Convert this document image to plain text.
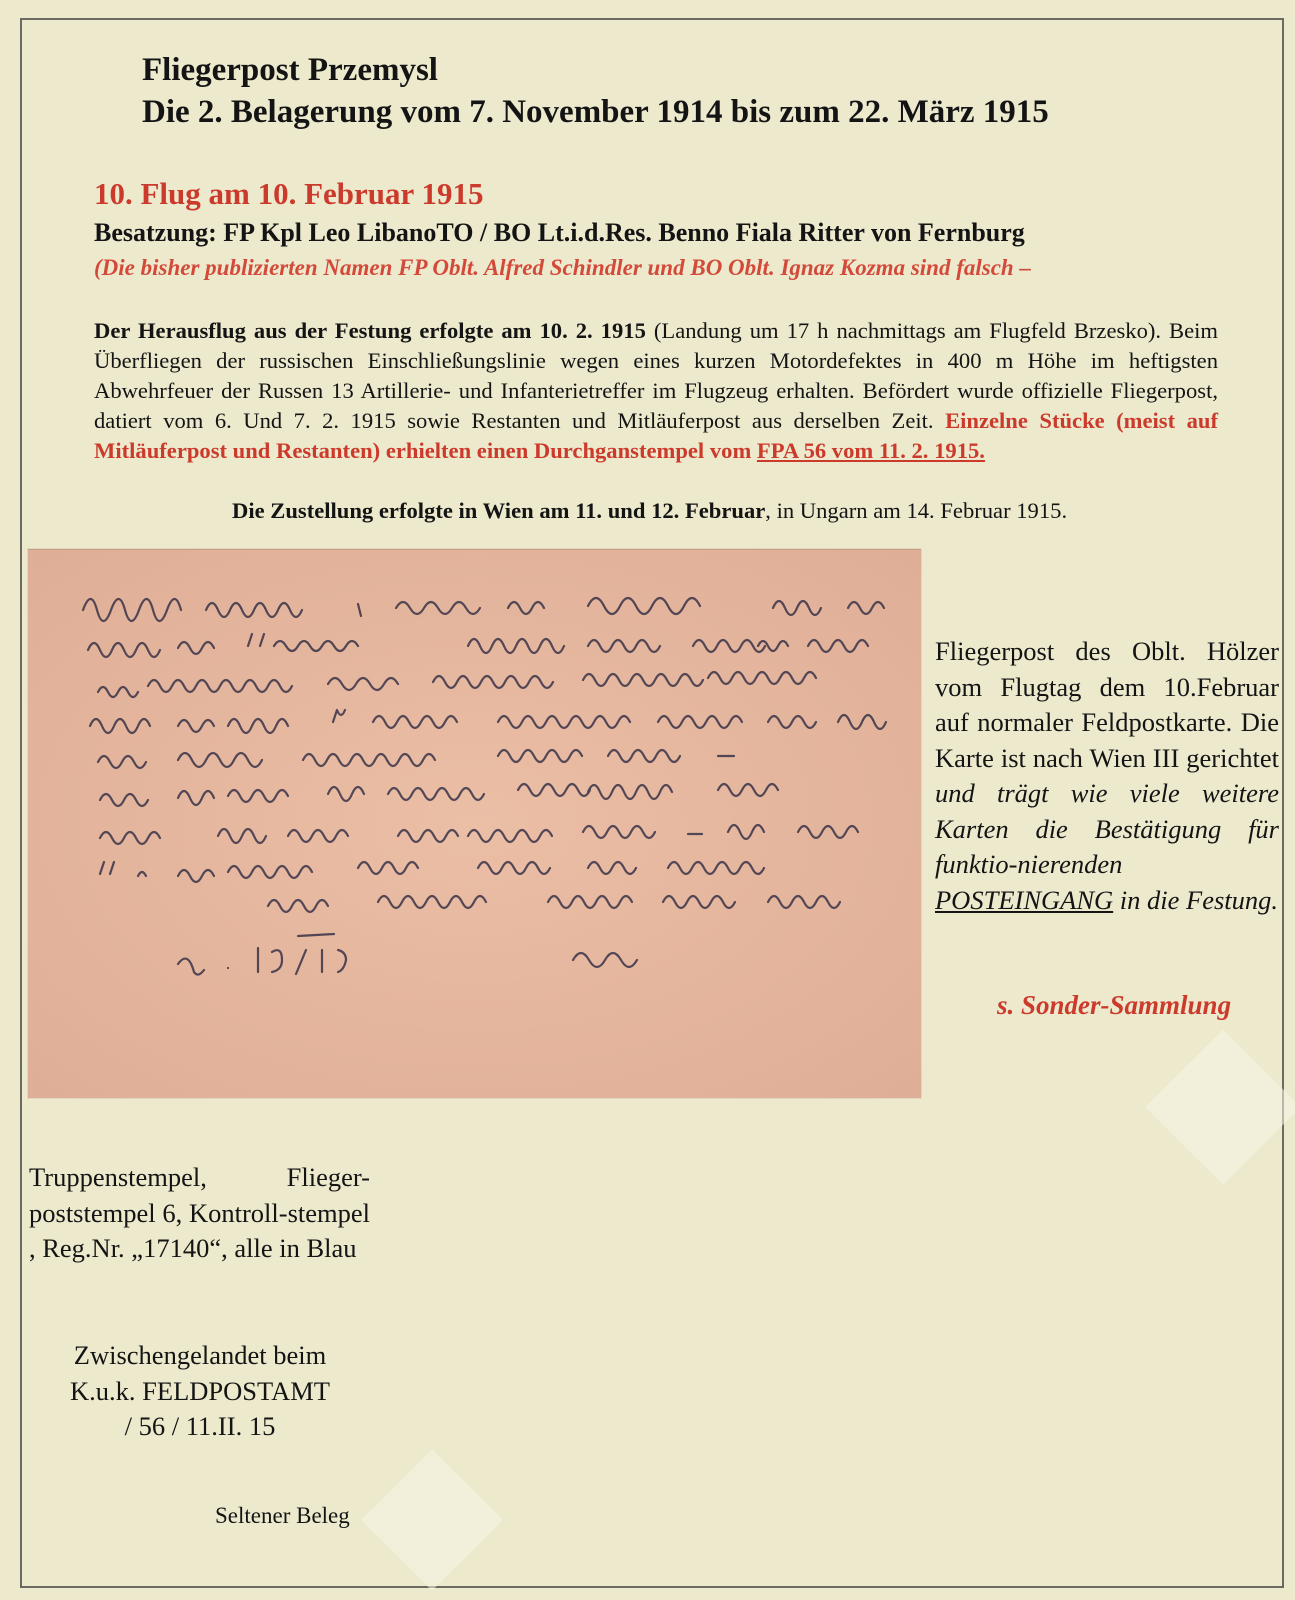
Fliegerpost Przemysl
Die 2. Belagerung vom 7. November 1914 bis zum 22. März 1915
10. Flug am 10. Februar 1915
Besatzung: FP Kpl Leo LibanoTO / BO Lt.i.d.Res. Benno Fiala Ritter von Fernburg
(Die bisher publizierten Namen FP Oblt. Alfred Schindler und BO Oblt. Ignaz Kozma sind falsch –
Der Herausflug aus der Festung erfolgte am 10. 2. 1915 (Landung um 17 h nachmittags am Flugfeld Brzesko). Beim Überfliegen der russischen Einschließungslinie wegen eines kurzen Motordefektes in 400 m Höhe im heftigsten Abwehrfeuer der Russen 13 Artillerie- und Infanterietreffer im Flugzeug erhalten. Befördert wurde offizielle Fliegerpost, datiert vom 6. Und 7. 2. 1915 sowie Restanten und Mitläuferpost aus derselben Zeit. Einzelne Stücke (meist auf Mitläuferpost und Restanten) erhielten einen Durchganstempel vom FPA 56 vom 11. 2. 1915.
Die Zustellung erfolgte in Wien am 11. und 12. Februar, in Ungarn am 14. Februar 1915.
Fliegerpost des Oblt. Hölzer vom Flugtag dem 10.Februar auf normaler Feldpostkarte. Die Karte ist nach Wien III gerichtet und trägt wie viele weitere Karten die Bestätigung für funktio-nierenden POSTEINGANG in die Festung.
s. Sonder-Sammlung
Truppenstempel, Flieger-poststempel 6, Kontroll-stempel , Reg.Nr. „17140“, alle in Blau
Zwischengelandet beim
K.u.k. FELDPOSTAMT
/ 56 / 11.II. 15
Seltener Beleg
